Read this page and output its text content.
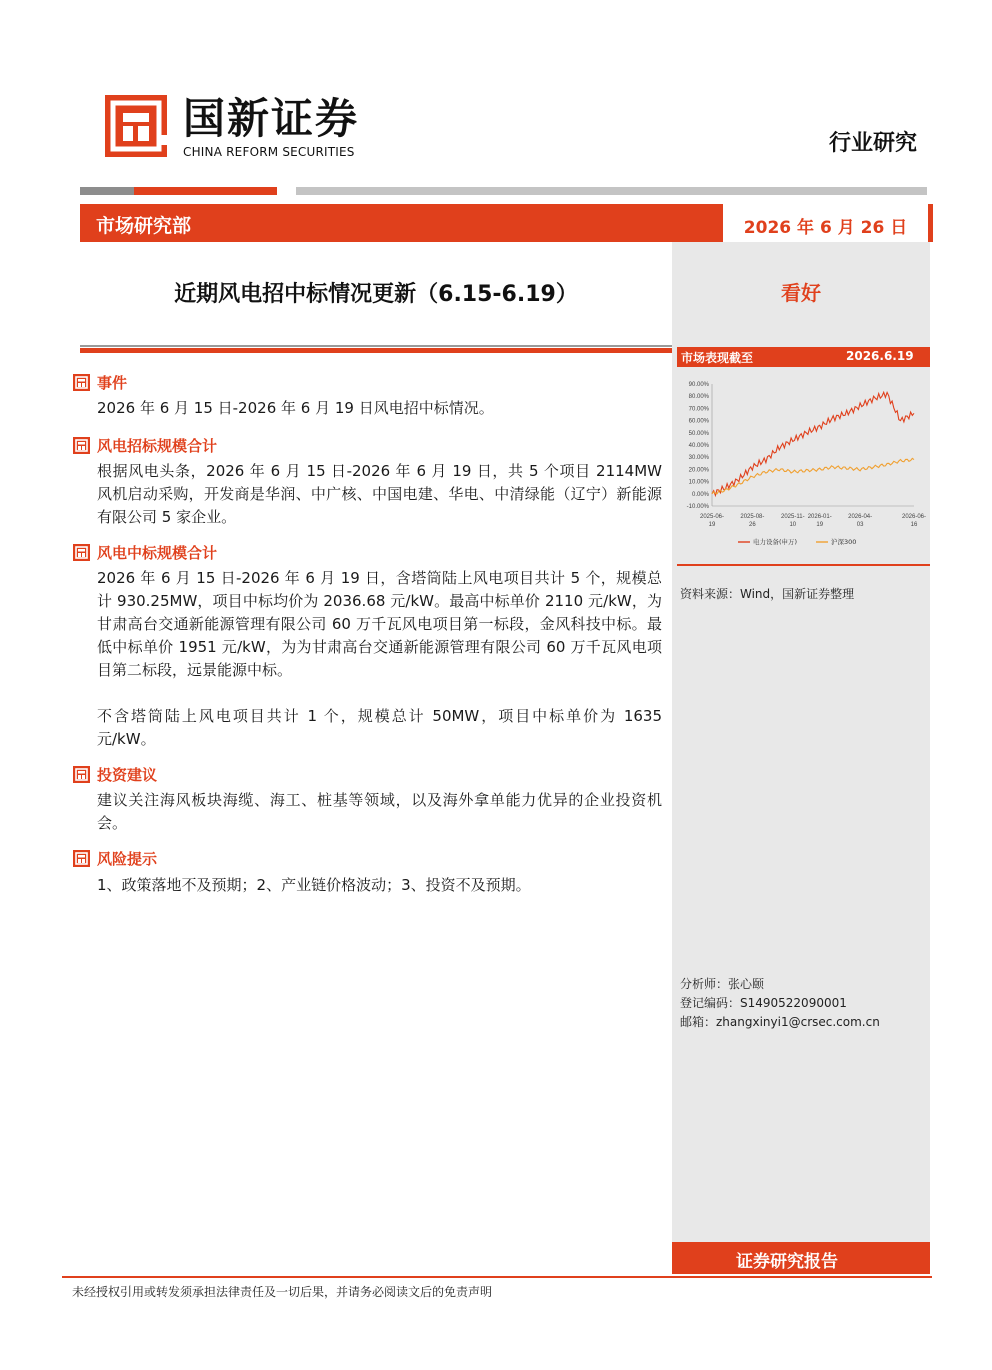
国新证券
CHINA REFORM SECURITIES	行业研究
市场研究部	2026 年 6 月 26 日
近期风电招中标情况更新（6.15-6.19）	看好
市场表现截至	2026.6.19
90.00%
80.00%
70.00%
60.00%
50.00%
40.00%
30.00%
20.00%
10.00%
0.00%
-10.00%
2025-06-
19
2025-08-
26
2025-11-
10
2026-01-
19
2026-04-
03
2026-06-
16
电力设备(申万)	沪深300
资料来源：Wind，国新证券整理
分析师：张心颐
登记编码：S1490522090001
邮箱：zhangxinyi1@crsec.com.cn
事件
2026 年 6 月 15 日-2026 年 6 月 19 日风电招中标情况。
风电招标规模合计
根据风电头条，2026 年 6 月 15 日-2026 年 6 月 19 日，共 5 个项目 2114MW 风机启动采购，开发商是华润、中广核、中国电建、华电、中清绿能（辽宁）新能源有限公司 5 家企业。
风电中标规模合计
2026 年 6 月 15 日-2026 年 6 月 19 日，含塔筒陆上风电项目共计 5 个，规模总计 930.25MW，项目中标均价为 2036.68 元/kW。最高中标单价 2110 元/kW，为甘肃高台交通新能源管理有限公司 60 万千瓦风电项目第一标段，金风科技中标。最低中标单价 1951 元/kW，为为甘肃高台交通新能源管理有限公司 60 万千瓦风电项目第二标段，远景能源中标。
不含塔筒陆上风电项目共计 1 个，规模总计 50MW，项目中标单价为 1635 元/kW。
投资建议
建议关注海风板块海缆、海工、桩基等领域，以及海外拿单能力优异的企业投资机会。
风险提示
1、政策落地不及预期；2、产业链价格波动；3、投资不及预期。
证券研究报告
未经授权引用或转发须承担法律责任及一切后果，并请务必阅读文后的免责声明
